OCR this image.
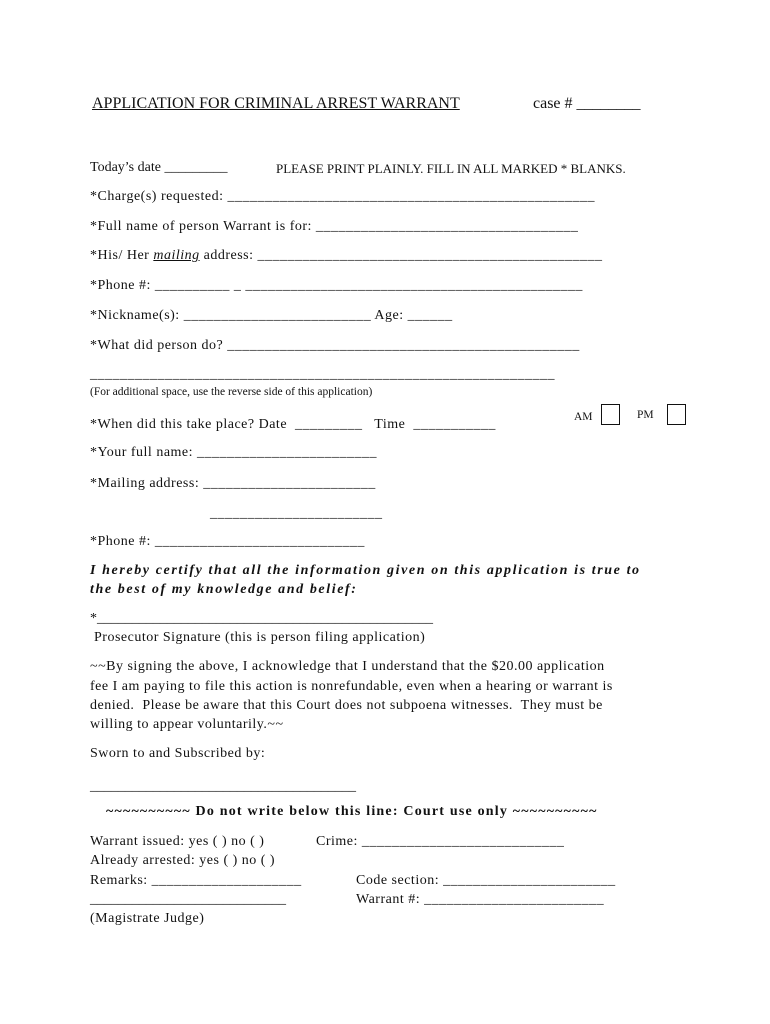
APPLICATION FOR CRIMINAL ARREST WARRANT	case # ________
Today’s date _________	PLEASE PRINT PLAINLY. FILL IN ALL MARKED * BLANKS.
*Charge(s) requested: _________________________________________________
*Full name of person Warrant is for: ___________________________________
*His/ Her mailing address: ______________________________________________
*Phone #: __________ _ _____________________________________________
*Nickname(s): _________________________ Age: ______
*What did person do? _______________________________________________
______________________________________________________________
(For additional space, use the reverse side of this application)
*When did this take place? Date  _________   Time  ___________	AM	PM
*Your full name: ________________________
*Mailing address: _______________________
_______________________
*Phone #: ____________________________
I hereby certify that all the information given on this application is true to
the best of my knowledge and belief:
*________________________________________________
Prosecutor Signature (this is person filing application)
~~By signing the above, I acknowledge that I understand that the $20.00 application
fee I am paying to file this action is nonrefundable, even when a hearing or warrant is
denied.  Please be aware that this Court does not subpoena witnesses.  They must be
willing to appear voluntarily.~~
Sworn to and Subscribed by:
______________________________________
~~~~~~~~~~ Do not write below this line: Court use only ~~~~~~~~~~
Warrant issued: yes ( ) no ( )	Crime: ___________________________
Already arrested: yes ( ) no ( )
Remarks: ____________________	Code section: _______________________
____________________________	Warrant #: ________________________
(Magistrate Judge)
